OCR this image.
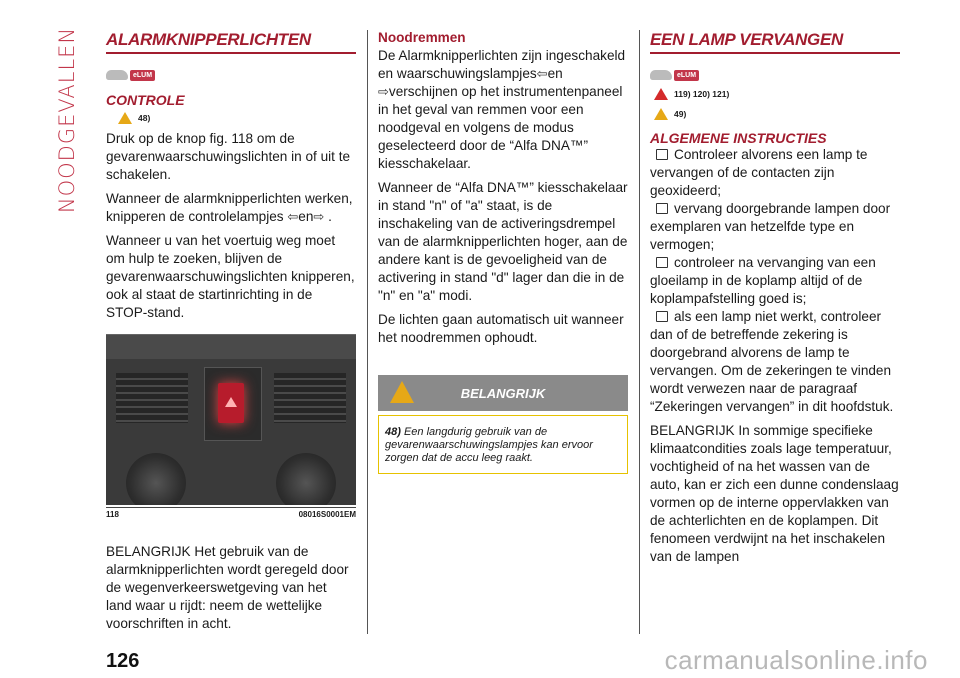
NOODGEVALLEN ALARMKNIPPERLICHTEN
eLUM
CONTROLE
48)

Druk op de knop fig. 118 om de gevarenwaarschuwingslichten in of uit te schakelen.

Wanneer de alarmknipperlichten werken, knipperen de controlelampjes ⇦en⇨ .

Wanneer u van het voertuig weg moet om hulp te zoeken, blijven de gevarenwaarschuwingslichten knipperen, ook al staat de startinrichting in de STOP-stand.

118	08016S0001EM

BELANGRIJK Het gebruik van de alarmknipperlichten wordt geregeld door de wegenverkeerswetgeving van het land waar u rijdt: neem de wettelijke voorschriften in acht.

Noodremmen

De Alarmknipperlichten zijn ingeschakeld en waarschuwingslampjes⇦en
⇨verschijnen op het instrumentenpaneel in het geval van remmen voor een noodgeval en volgens de modus geselecteerd door de “Alfa DNA™” kiesschakelaar.

Wanneer de “Alfa DNA™” kiesschakelaar in stand "n" of "a" staat, is de inschakeling van de activeringsdrempel van de alarmknipperlichten hoger, aan de andere kant is de gevoeligheid van de activering in stand "d" lager dan die in de "n" en "a" modi.

De lichten gaan automatisch uit wanneer het noodremmen ophoudt.

BELANGRIJK

48) Een langdurig gebruik van de gevarenwaarschuwingslampjes kan ervoor zorgen dat de accu leeg raakt.

EEN LAMP VERVANGEN
eLUM
119) 120) 121)
49)
ALGEMENE INSTRUCTIES

Controleer alvorens een lamp te vervangen of de contacten zijn geoxideerd;

vervang doorgebrande lampen door exemplaren van hetzelfde type en vermogen;

controleer na vervanging van een gloeilamp in de koplamp altijd of de koplampafstelling goed is;

als een lamp niet werkt, controleer dan of de betreffende zekering is doorgebrand alvorens de lamp te vervangen. Om de zekeringen te vinden wordt verwezen naar de paragraaf “Zekeringen vervangen” in dit hoofdstuk.

BELANGRIJK In sommige specifieke klimaatcondities zoals lage temperatuur, vochtigheid of na het wassen van de auto, kan er zich een dunne condenslaag vormen op de interne oppervlakken van de achterlichten en de koplampen. Dit fenomeen verdwijnt na het inschakelen van de lampen

126	carmanualsonline.info
